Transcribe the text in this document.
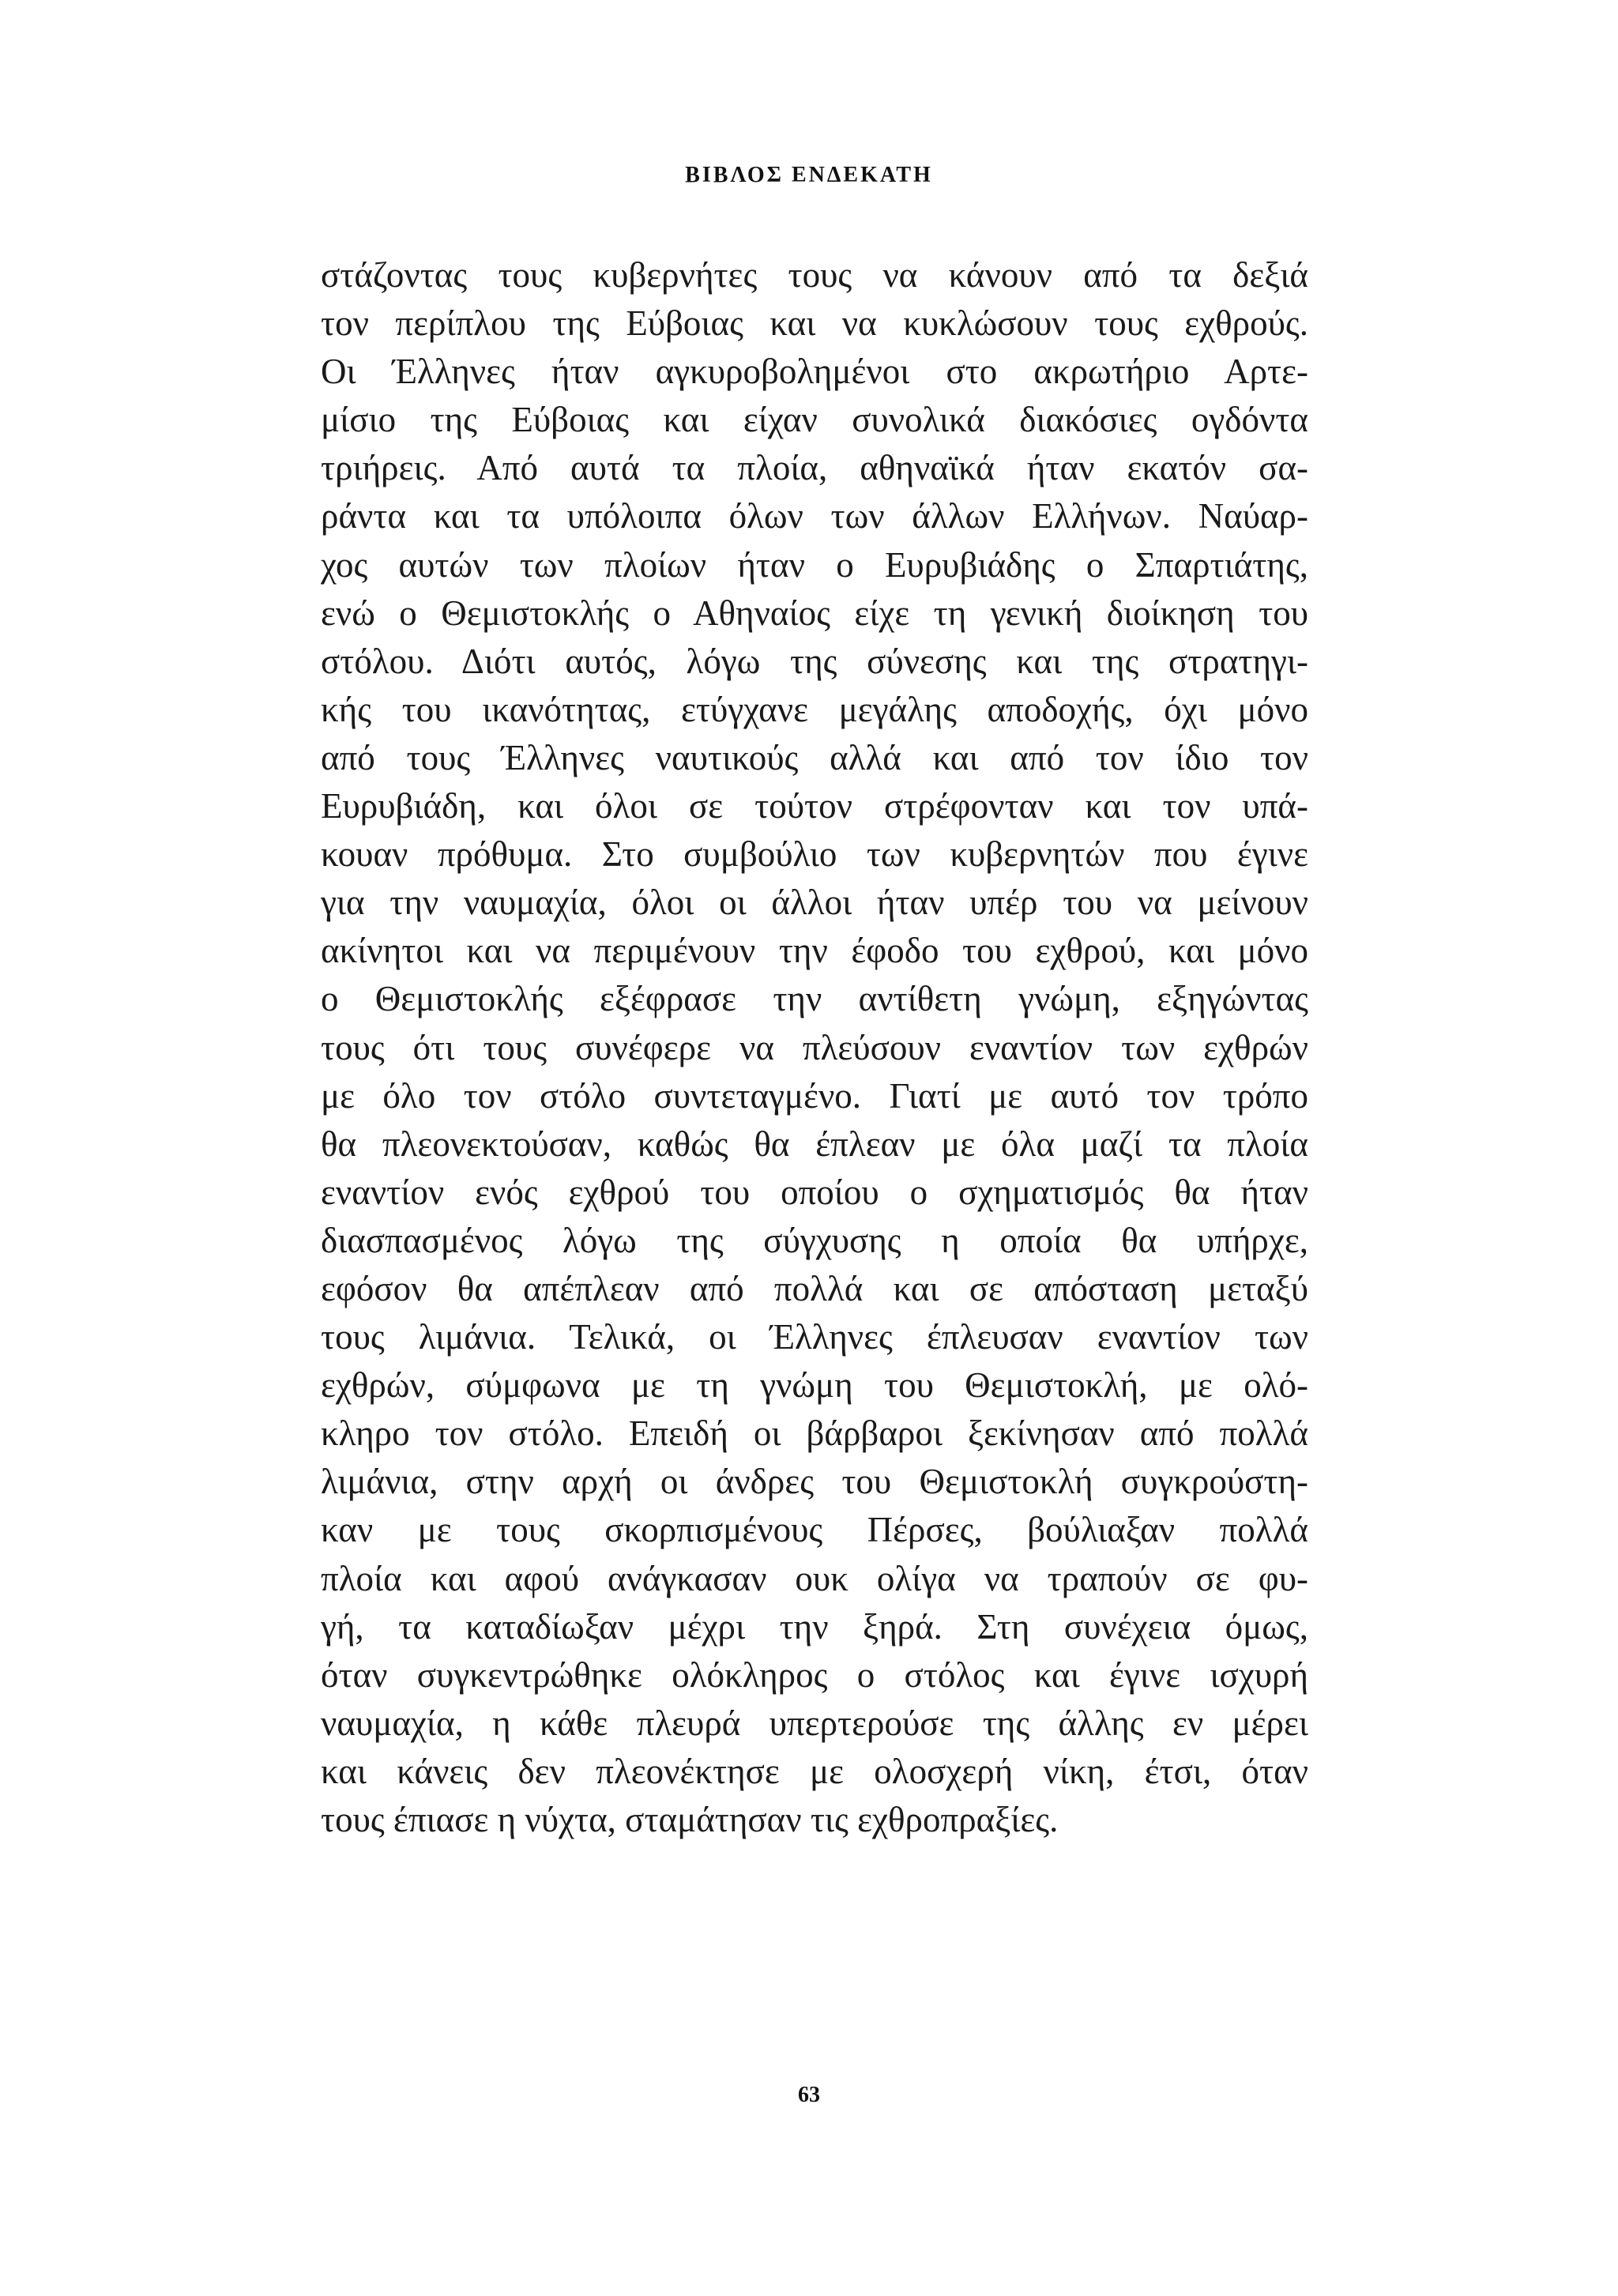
ΒΙΒΛΟΣ ΕΝΔΕΚΑΤΗ
στάζοντας τους κυβερνήτες τους να κάνουν από τα δεξιά
τον περίπλου της Εύβοιας και να κυκλώσουν τους εχθρούς.
Οι Έλληνες ήταν αγκυροβολημένοι στο ακρωτήριο Αρτε-
μίσιο της Εύβοιας και είχαν συνολικά διακόσιες ογδόντα
τριήρεις. Από αυτά τα πλοία, αθηναϊκά ήταν εκατόν σα-
ράντα και τα υπόλοιπα όλων των άλλων Ελλήνων. Ναύαρ-
χος αυτών των πλοίων ήταν ο Ευρυβιάδης ο Σπαρτιάτης,
ενώ ο Θεμιστοκλής ο Αθηναίος είχε τη γενική διοίκηση του
στόλου. Διότι αυτός, λόγω της σύνεσης και της στρατηγι-
κής του ικανότητας, ετύγχανε μεγάλης αποδοχής, όχι μόνο
από τους Έλληνες ναυτικούς αλλά και από τον ίδιο τον
Ευρυβιάδη, και όλοι σε τούτον στρέφονταν και τον υπά-
κουαν πρόθυμα. Στο συμβούλιο των κυβερνητών που έγινε
για την ναυμαχία, όλοι οι άλλοι ήταν υπέρ του να μείνουν
ακίνητοι και να περιμένουν την έφοδο του εχθρού, και μόνο
ο Θεμιστοκλής εξέφρασε την αντίθετη γνώμη, εξηγώντας
τους ότι τους συνέφερε να πλεύσουν εναντίον των εχθρών
με όλο τον στόλο συντεταγμένο. Γιατί με αυτό τον τρόπο
θα πλεονεκτούσαν, καθώς θα έπλεαν με όλα μαζί τα πλοία
εναντίον ενός εχθρού του οποίου ο σχηματισμός θα ήταν
διασπασμένος λόγω της σύγχυσης η οποία θα υπήρχε,
εφόσον θα απέπλεαν από πολλά και σε απόσταση μεταξύ
τους λιμάνια. Τελικά, οι Έλληνες έπλευσαν εναντίον των
εχθρών, σύμφωνα με τη γνώμη του Θεμιστοκλή, με ολό-
κληρο τον στόλο. Επειδή οι βάρβαροι ξεκίνησαν από πολλά
λιμάνια, στην αρχή οι άνδρες του Θεμιστοκλή συγκρούστη-
καν με τους σκορπισμένους Πέρσες, βούλιαξαν πολλά
πλοία και αφού ανάγκασαν ουκ ολίγα να τραπούν σε φυ-
γή, τα καταδίωξαν μέχρι την ξηρά. Στη συνέχεια όμως,
όταν συγκεντρώθηκε ολόκληρος ο στόλος και έγινε ισχυρή
ναυμαχία, η κάθε πλευρά υπερτερούσε της άλλης εν μέρει
και κάνεις δεν πλεονέκτησε με ολοσχερή νίκη, έτσι, όταν
τους έπιασε η νύχτα, σταμάτησαν τις εχθροπραξίες.
63
